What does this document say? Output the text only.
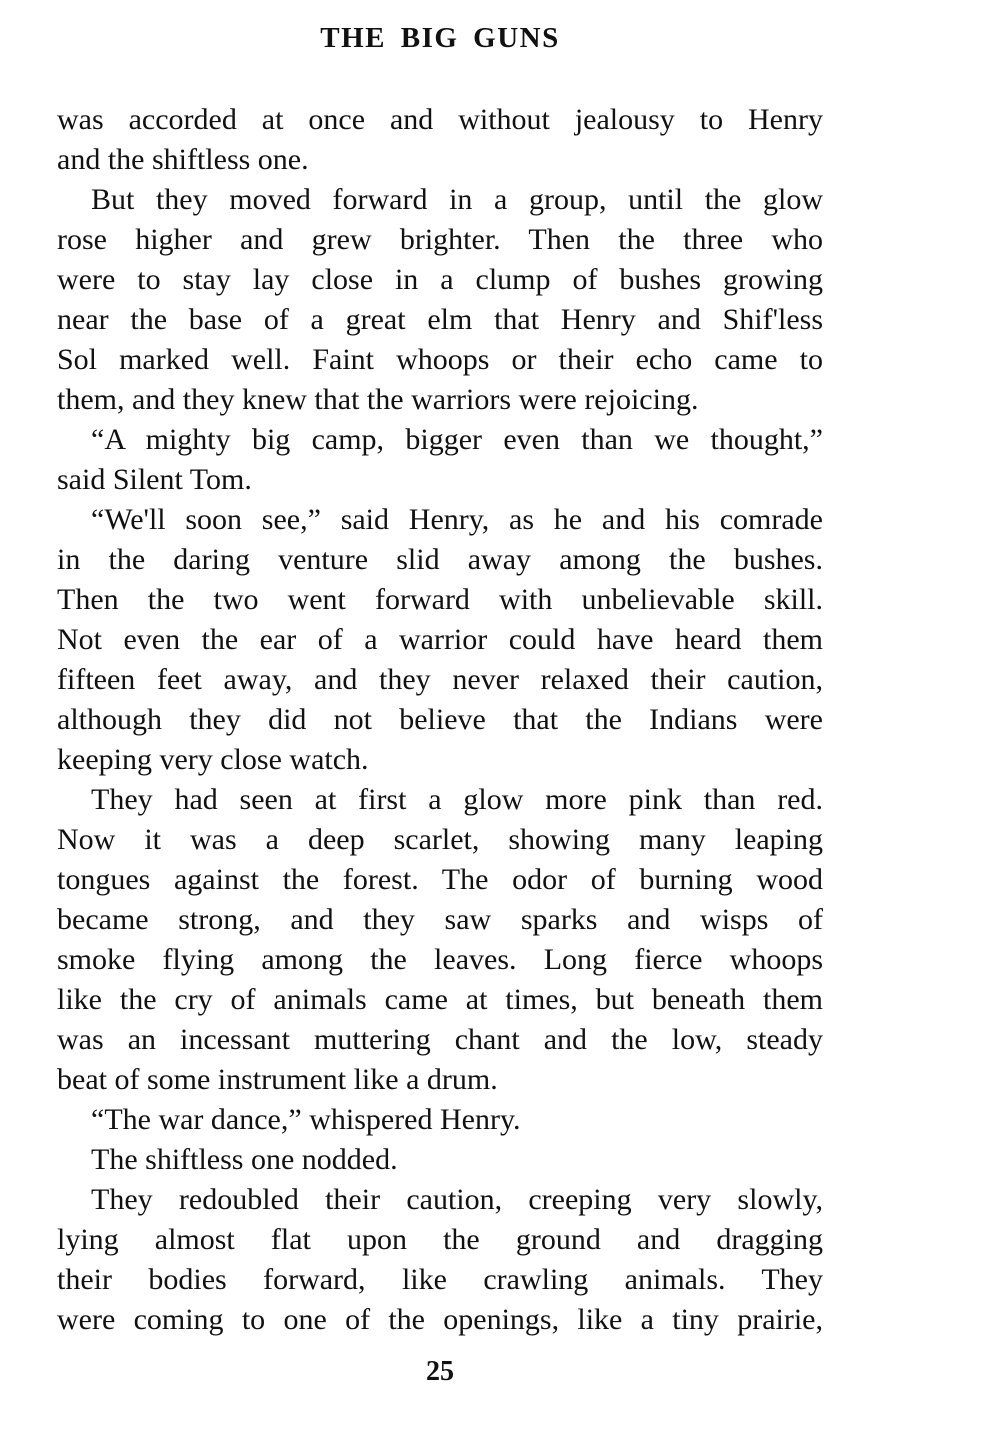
THE BIG GUNS
was accorded at once and without jealousy to Henry
and the shiftless one.
But they moved forward in a group, until the glow
rose higher and grew brighter. Then the three who
were to stay lay close in a clump of bushes growing
near the base of a great elm that Henry and Shif'less
Sol marked well. Faint whoops or their echo came to
them, and they knew that the warriors were rejoicing.
“A mighty big camp, bigger even than we thought,”
said Silent Tom.
“We'll soon see,” said Henry, as he and his comrade
in the daring venture slid away among the bushes.
Then the two went forward with unbelievable skill.
Not even the ear of a warrior could have heard them
fifteen feet away, and they never relaxed their caution,
although they did not believe that the Indians were
keeping very close watch.
They had seen at first a glow more pink than red.
Now it was a deep scarlet, showing many leaping
tongues against the forest. The odor of burning wood
became strong, and they saw sparks and wisps of
smoke flying among the leaves. Long fierce whoops
like the cry of animals came at times, but beneath them
was an incessant muttering chant and the low, steady
beat of some instrument like a drum.
“The war dance,” whispered Henry.
The shiftless one nodded.
They redoubled their caution, creeping very slowly,
lying almost flat upon the ground and dragging
their bodies forward, like crawling animals. They
were coming to one of the openings, like a tiny prairie,
25
